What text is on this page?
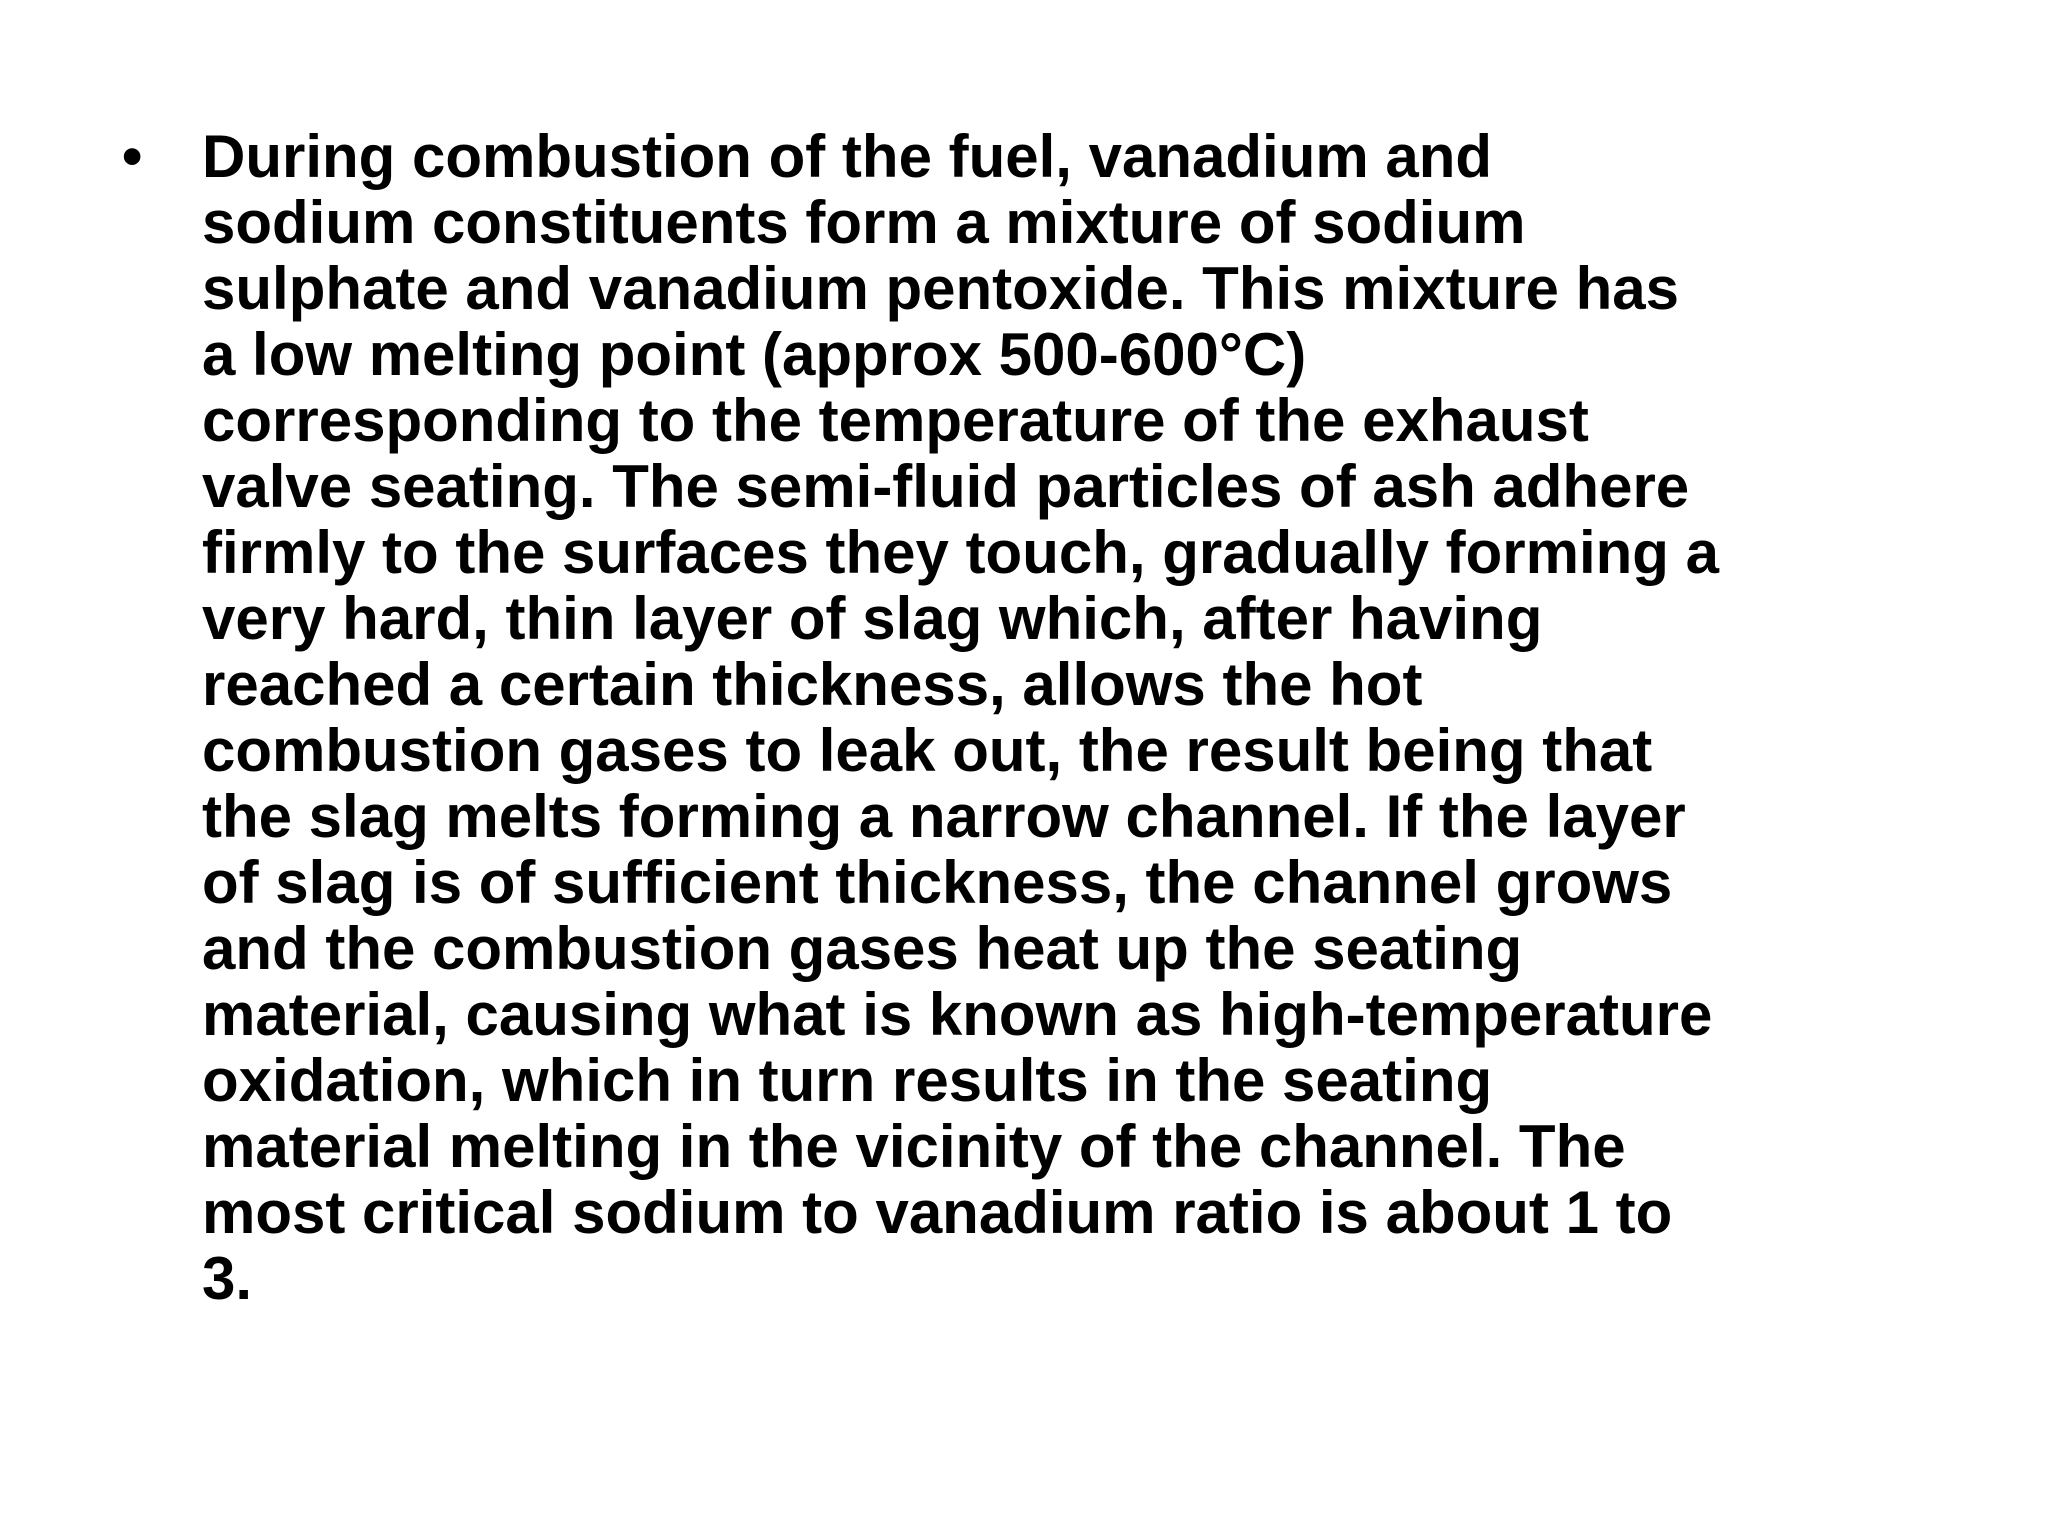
• During combustion of the fuel, vanadium and
sodium constituents form a mixture of sodium
sulphate and vanadium pentoxide. This mixture has
a low melting point (approx 500-600°C)
corresponding to the temperature of the exhaust
valve seating. The semi-fluid particles of ash adhere
firmly to the surfaces they touch, gradually forming a
very hard, thin layer of slag which, after having
reached a certain thickness, allows the hot
combustion gases to leak out, the result being that
the slag melts forming a narrow channel. If the layer
of slag is of sufficient thickness, the channel grows
and the combustion gases heat up the seating
material, causing what is known as high-temperature
oxidation, which in turn results in the seating
material melting in the vicinity of the channel. The
most critical sodium to vanadium ratio is about 1 to
3.
